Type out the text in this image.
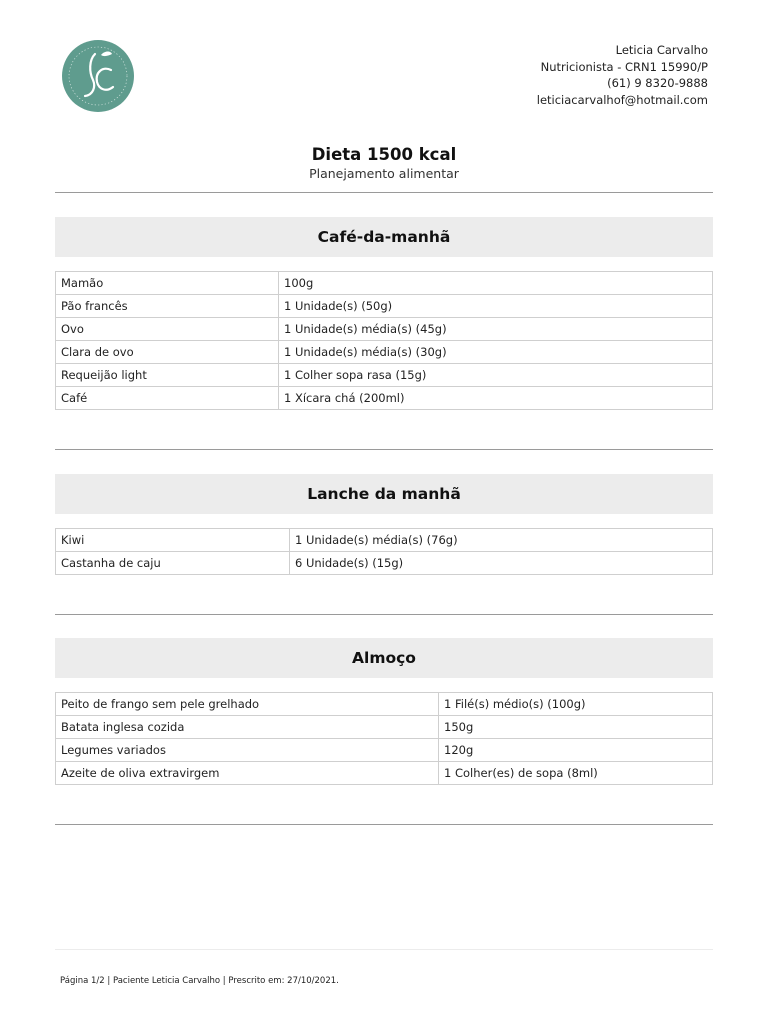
Leticia Carvalho
Nutricionista - CRN1 15990/P
(61) 9 8320-9888
leticiacarvalhof@hotmail.com
Dieta 1500 kcal
Planejamento alimentar
Café-da-manhã
Mamão	100g
Pão francês	1 Unidade(s) (50g)
Ovo	1 Unidade(s) média(s) (45g)
Clara de ovo	1 Unidade(s) média(s) (30g)
Requeijão light	1 Colher sopa rasa (15g)
Café	1 Xícara chá (200ml)
Lanche da manhã
Kiwi	1 Unidade(s) média(s) (76g)
Castanha de caju	6 Unidade(s) (15g)
Almoço
Peito de frango sem pele grelhado	1 Filé(s) médio(s) (100g)
Batata inglesa cozida	150g
Legumes variados	120g
Azeite de oliva extravirgem	1 Colher(es) de sopa (8ml)
Página 1/2 | Paciente Leticia Carvalho | Prescrito em: 27/10/2021.
